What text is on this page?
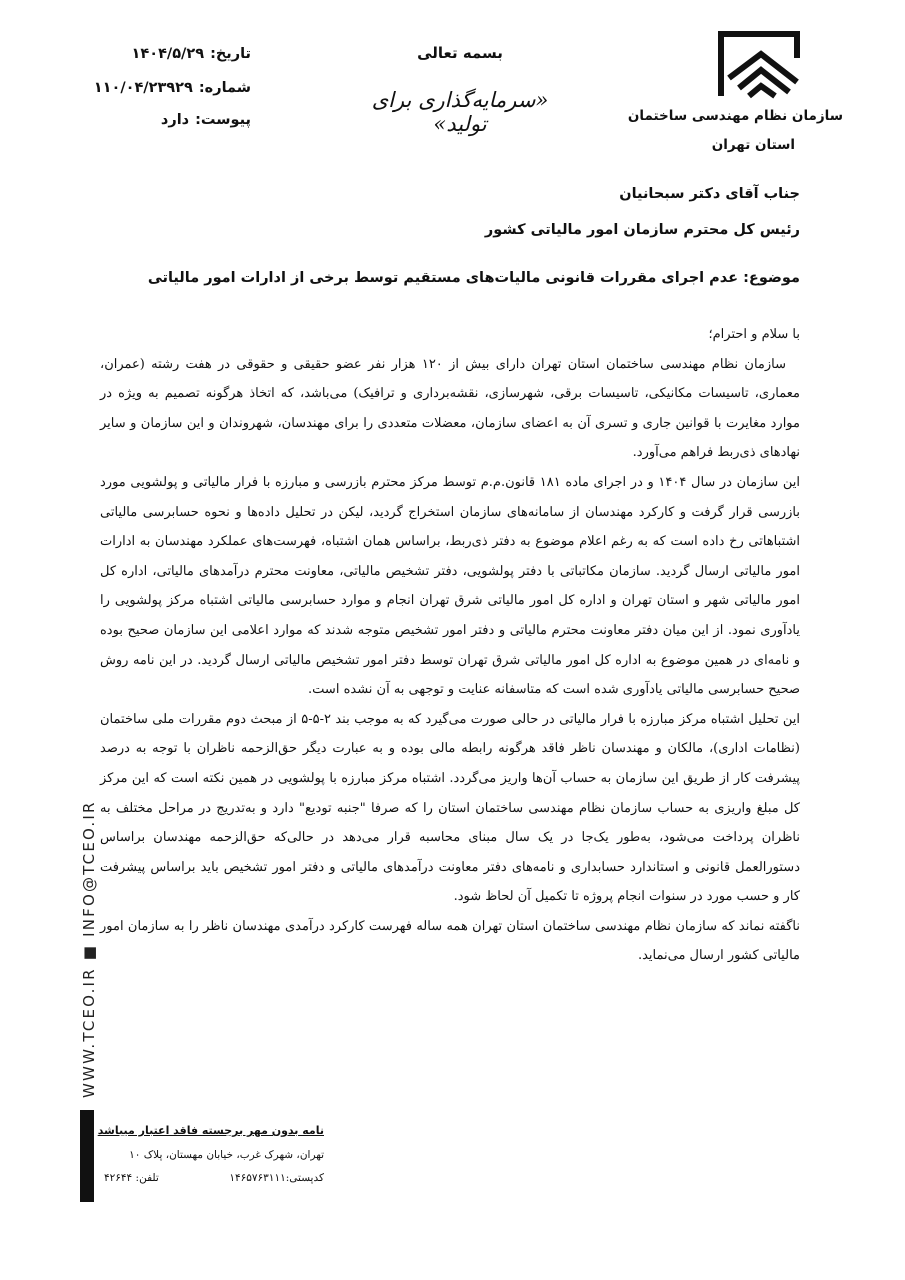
سازمان نظام مهندسی ساختمان
استان تهران
بسمه تعالی
«سرمایه‌گذاری برای تولید»
تاریخ:۱۴۰۴/۵/۲۹
شماره:۱۱۰/۰۴/۲۳۹۲۹
پیوست:دارد
جناب آقای دکتر سبحانیان
رئیس کل محترم سازمان امور مالیاتی کشور
موضوع: عدم اجرای مقررات قانونی مالیات‌های مستقیم توسط برخی از ادارات امور مالیاتی

با سلام و احترام؛

سازمان نظام مهندسی ساختمان استان تهران دارای بیش از ۱۲۰ هزار نفر عضو حقیقی و حقوقی در هفت رشته (عمران، معماری، تاسیسات مکانیکی، تاسیسات برقی، شهرسازی، نقشه‌برداری و ترافیک) می‌باشد، که اتخاذ هرگونه تصمیم به ویژه در موارد مغایرت با قوانین جاری و تسری آن به اعضای سازمان، معضلات متعددی را برای مهندسان، شهروندان و این سازمان و سایر نهادهای ذی‌ربط فراهم می‌آورد.

این سازمان در سال ۱۴۰۴ و در اجرای ماده ۱۸۱ قانون.م.م توسط مرکز محترم بازرسی و مبارزه با فرار مالیاتی و پولشویی مورد بازرسی قرار گرفت و کارکرد مهندسان از سامانه‌های سازمان استخراج گردید، لیکن در تحلیل داده‌ها و نحوه حسابرسی مالیاتی اشتباهاتی رخ داده است که به رغم اعلام موضوع به دفتر ذی‌ربط، براساس همان اشتباه، فهرست‌های عملکرد مهندسان به ادارات امور مالیاتی ارسال گردید. سازمان مکاتباتی با دفتر پولشویی، دفتر تشخیص مالیاتی، معاونت محترم درآمدهای مالیاتی، اداره کل امور مالیاتی شهر و استان تهران و اداره کل امور مالیاتی شرق تهران انجام و موارد حسابرسی مالیاتی اشتباه مرکز پولشویی را یادآوری نمود. از این میان دفتر معاونت محترم مالیاتی و دفتر امور تشخیص متوجه شدند که موارد اعلامی این سازمان صحیح بوده و نامه‌ای در همین موضوع به اداره کل امور مالیاتی شرق تهران توسط دفتر امور تشخیص مالیاتی ارسال گردید. در این نامه روش صحیح حسابرسی مالیاتی یادآوری شده است که متاسفانه عنایت و توجهی به آن نشده است.

این تحلیل اشتباه مرکز مبارزه با فرار مالیاتی در حالی صورت می‌گیرد که به موجب بند ۲-۵-۵ از مبحث دوم مقررات ملی ساختمان (نظامات اداری)، مالکان و مهندسان ناظر فاقد هرگونه رابطه مالی بوده و به عبارت دیگر حق‌الزحمه ناظران با توجه به درصد پیشرفت کار از طریق این سازمان به حساب آن‌ها واریز می‌گردد. اشتباه مرکز مبارزه با پولشویی در همین نکته است که این مرکز کل مبلغ واریزی به حساب سازمان نظام مهندسی ساختمان استان را که صرفا "جنبه توديع" دارد و به‌تدریج در مراحل مختلف به ناظران پرداخت می‌شود، به‌طور یک‌جا در یک سال مبنای محاسبه قرار می‌دهد در حالی‌که حق‌الزحمه مهندسان براساس دستورالعمل قانونی و استاندارد حسابداری و نامه‌های دفتر معاونت درآمدهای مالیاتی و دفتر امور تشخیص باید براساس پیشرفت کار و حسب مورد در سنوات انجام پروژه تا تکمیل آن لحاظ شود.

ناگفته نماند که سازمان نظام مهندسی ساختمان استان تهران همه ساله فهرست کارکرد درآمدی مهندسان ناظر را به سازمان امور مالیاتی کشور ارسال می‌نماید.

WWW.TCEO.IR ■ INFO@TCEO.IR
نامه بدون مهر برجسته فاقد اعتبار میباشد
تهران، شهرک غرب، خیابان مهستان، پلاک ۱۰
کدپستی:۱۴۶۵۷۶۳۱۱۱
تلفن: ۴۲۶۴۴
